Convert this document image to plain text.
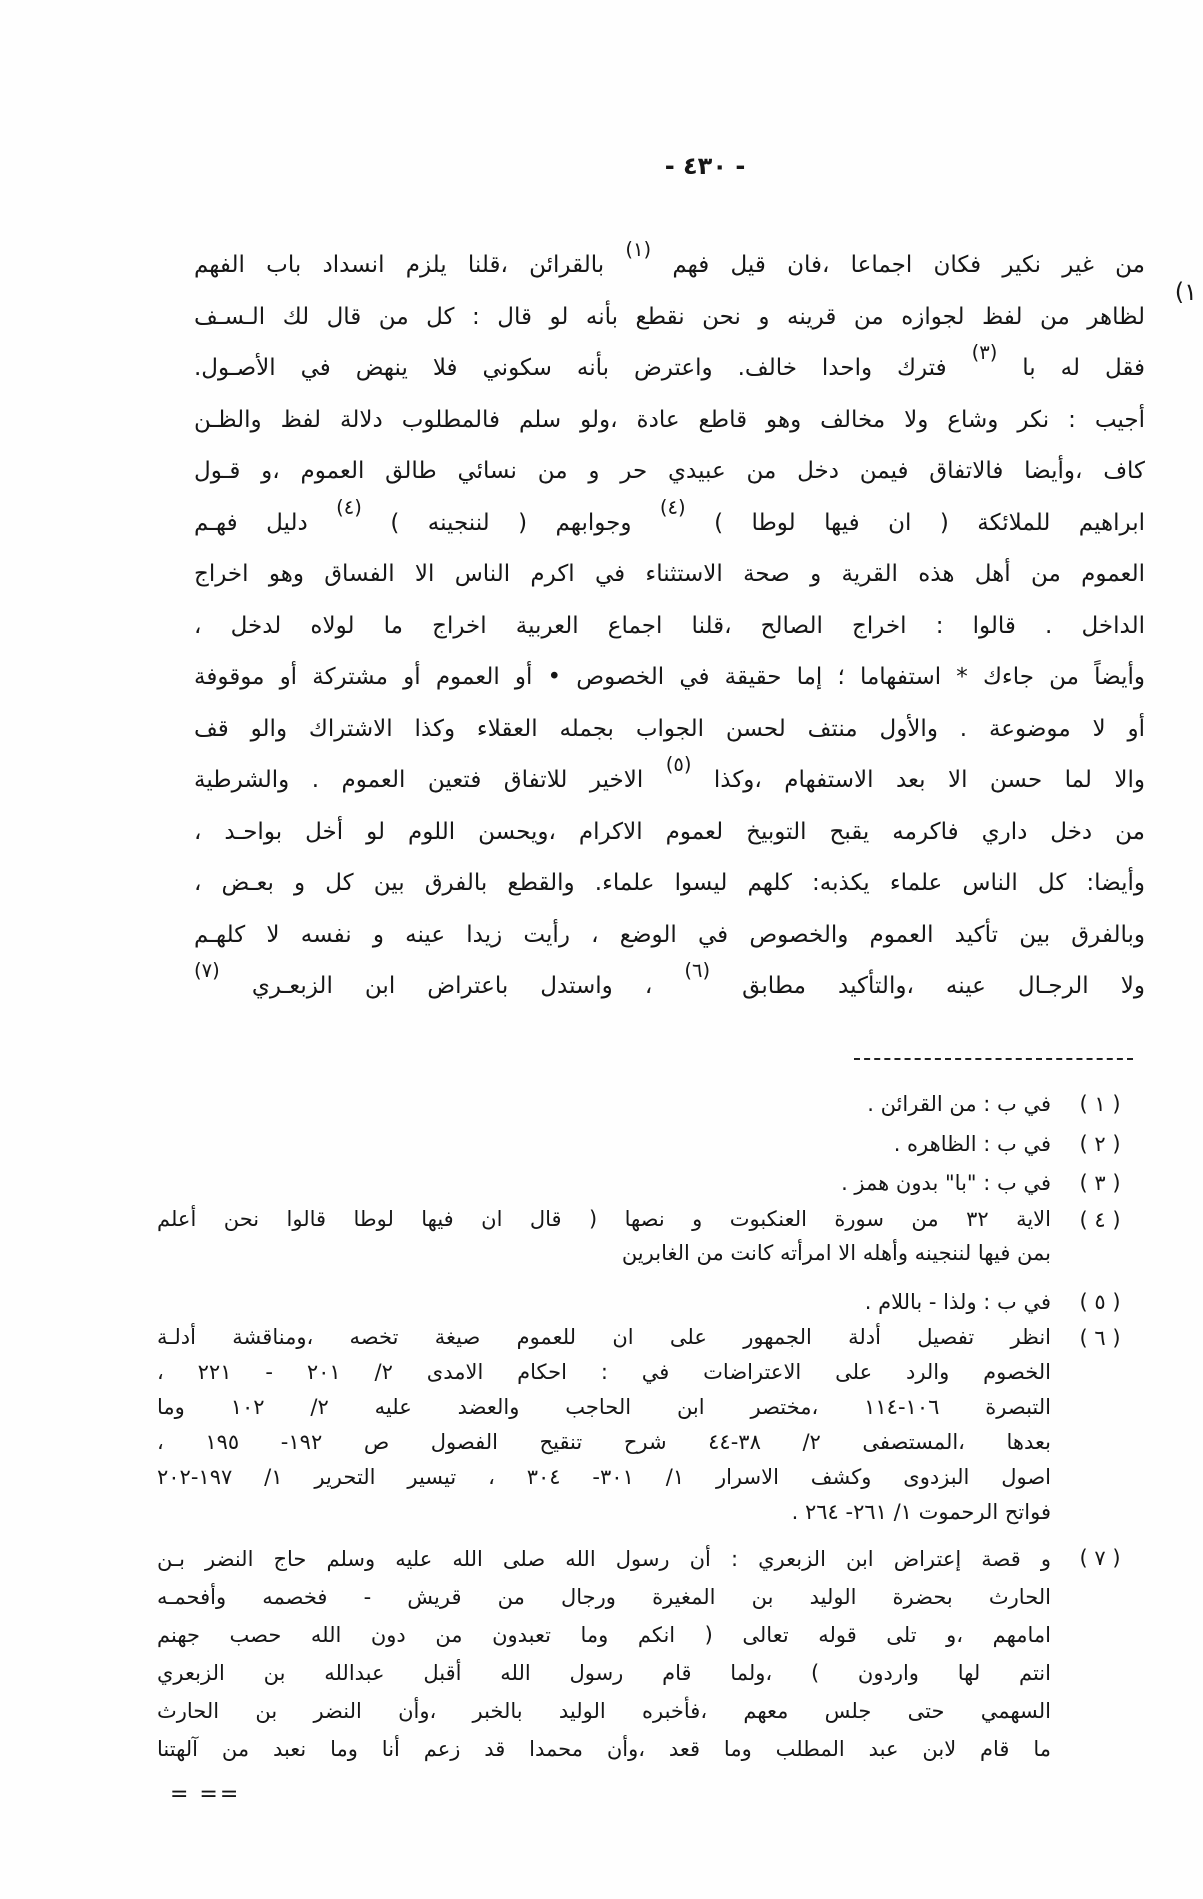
- ٤٣٠ -
(١
من غير نكير فكان اجماعا ،فان قيل فهم $^{(١)}$ بالقرائن ،قلنا يلزم انسداد باب الفهم
لظاهر من لفظ لجوازه من قرينه و نحن نقطع بأنه لو قال : كل من قال لك الـسـف
فقل له با $^{(٣)}$ فترك واحدا خالف. واعترض بأنه سكوني فلا ينهض في الأصـول.
أجيب : نكر وشاع ولا مخالف وهو قاطع عادة ،ولو سلم فالمطلوب دلالة لفظ والظـن
كاف ،وأيضا فالاتفاق فيمن دخل من عبيدي حر و من نسائي طالق العموم ،و قـول
ابراهيم للملائكة ( ان فيها لوطا ) $^{(٤)}$ وجوابهم ( لننجينه ) $^{(٤)}$ دليل فهـم
العموم من أهل هذه القرية و صحة الاستثناء في اكرم الناس الا الفساق وهو اخراج
الداخل . قالوا : اخراج الصالح ،قلنا اجماع العربية اخراج ما لولاه لدخل ،
وأيضاً من جاءك * استفهاما ؛ إما حقيقة في الخصوص • أو العموم أو مشتركة أو موقوفة
أو لا موضوعة . والأول منتف لحسن الجواب بجمله العقلاء وكذا الاشتراك والو قف
والا لما حسن الا بعد الاستفهام ،وكذا $^{(٥)}$ الاخير للاتفاق فتعين العموم . والشرطية
من دخل داري فاكرمه يقبح التوبيخ لعموم الاكرام ،ويحسن اللوم لو أخل بواحـد ،
وأيضا: كل الناس علماء يكذبه: كلهم ليسوا علماء. والقطع بالفرق بين كل و بعـض ،
وبالفرق بين تأكيد العموم والخصوص في الوضع ، رأيت زيدا عينه و نفسه لا كلهـم
ولا الرجـال عينه ،والتأكيد مطابق $^{(٦)}$ ، واستدل باعتراض ابن الزبعـري $^{(٧)}$
( ١ )
في ب : من القرائن .
( ٢ )
في ب : الظاهره .
( ٣ )
في ب : "با" بدون همز .
( ٤ )
الاية ٣٢ من سورة العنكبوت و نصها ( قال ان فيها لوطا قالوا نحن أعلم
بمن فيها لننجينه وأهله الا امرأته كانت من الغابرين
( ٥ )
في ب : ولذا - باللام .
( ٦ )
انظر تفصيل أدلة الجمهور على ان للعموم صيغة تخصه ،ومناقشة أدلـة
الخصوم والرد على الاعتراضات في : احكام الامدى ٢/ ٢٠١ - ٢٢١ ،
التبصرة ١٠٦-١١٤ ،مختصر ابن الحاجب والعضد عليه ٢/ ١٠٢ وما
بعدها ،المستصفى ٢/ ٣٨-٤٤ شرح تنقيح الفصول ص ١٩٢- ١٩٥ ،
اصول البزدوى وكشف الاسرار ١/ ٣٠١- ٣٠٤ ، تيسير التحرير ١/ ١٩٧-٢٠٢
فواتح الرحموت ١/ ٢٦١- ٢٦٤ .
( ٧ )
و قصة إعتراض ابن الزبعري : أن رسول الله صلى الله عليه وسلم حاج النضر بـن
الحارث بحضرة الوليد بن المغيرة ورجال من قريش - فخصمه وأفحمـه
امامهم ،و تلى قوله تعالى ( انكم وما تعبدون من دون الله حصب جهنم
انتم لها واردون ) ،ولما قام رسول الله أقبل عبدالله بن الزبعري
السهمي حتى جلس معهم ،فأخبره الوليد بالخبر ،وأن النضر بن الحارث
ما قام لابن عبد المطلب وما قعد ،وأن محمدا قد زعم أنا وما نعبد من آلهتنا
= ==
